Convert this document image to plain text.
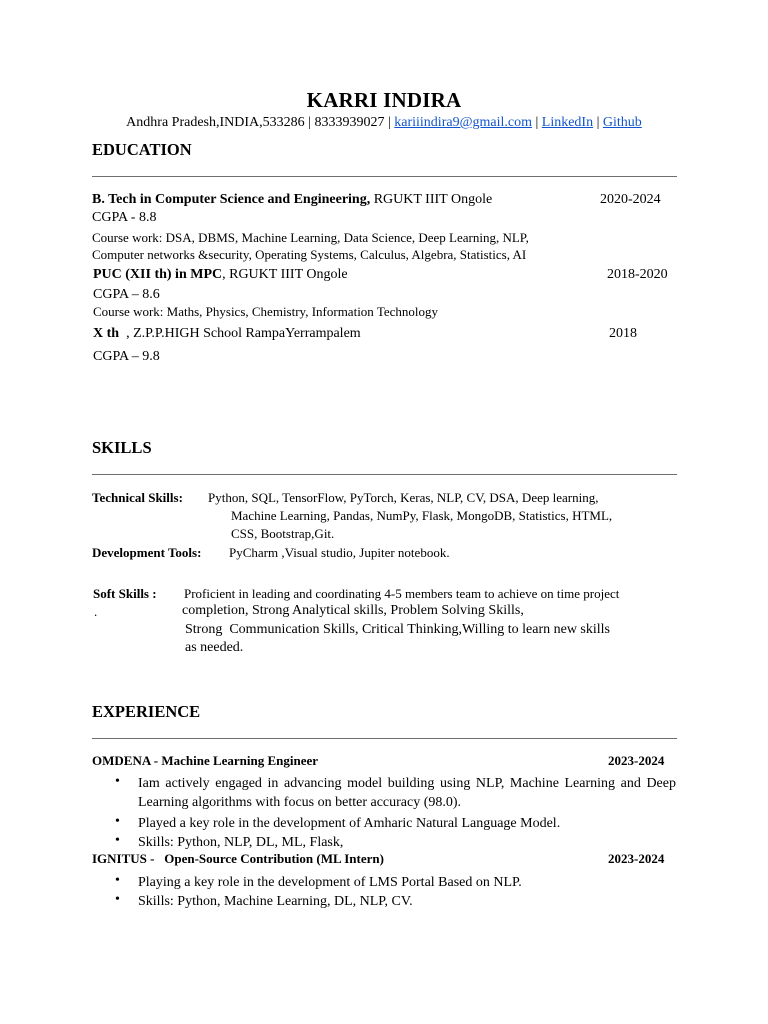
KARRI INDIRA
Andhra Pradesh,INDIA,533286 | 8333939027 | kariiindira9@gmail.com | LinkedIn | Github
EDUCATION
B. Tech in Computer Science and Engineering, RGUKT IIIT Ongole	2020-2024
CGPA - 8.8
Course work: DSA, DBMS, Machine Learning, Data Science, Deep Learning, NLP,
Computer networks &security, Operating Systems, Calculus, Algebra, Statistics, AI
PUC (XII th) in MPC, RGUKT IIIT Ongole	2018-2020
CGPA – 8.6
Course work: Maths, Physics, Chemistry, Information Technology
X th  , Z.P.P.HIGH School RampaYerrampalem	2018
CGPA – 9.8
SKILLS
Technical Skills: Python, SQL, TensorFlow, PyTorch, Keras, NLP, CV, DSA, Deep learning,
Machine Learning, Pandas, NumPy, Flask, MongoDB, Statistics, HTML,
CSS, Bootstrap,Git.
Development Tools: PyCharm ,Visual studio, Jupiter notebook.
Soft Skills :
.
Proficient in leading and coordinating 4-5 members team to achieve on time project
completion, Strong Analytical skills, Problem Solving Skills,
Strong  Communication Skills, Critical Thinking,Willing to learn new skills
as needed.
EXPERIENCE
OMDENA - Machine Learning Engineer	2023-2024
• Iam actively engaged in advancing model building using NLP, Machine Learning and Deep Learning algorithms with focus on better accuracy (98.0).
• Played a key role in the development of Amharic Natural Language Model.
• Skills: Python, NLP, DL, ML, Flask,
IGNITUS -   Open-Source Contribution (ML Intern)	2023-2024
• Playing a key role in the development of LMS Portal Based on NLP.
• Skills: Python, Machine Learning, DL, NLP, CV.
